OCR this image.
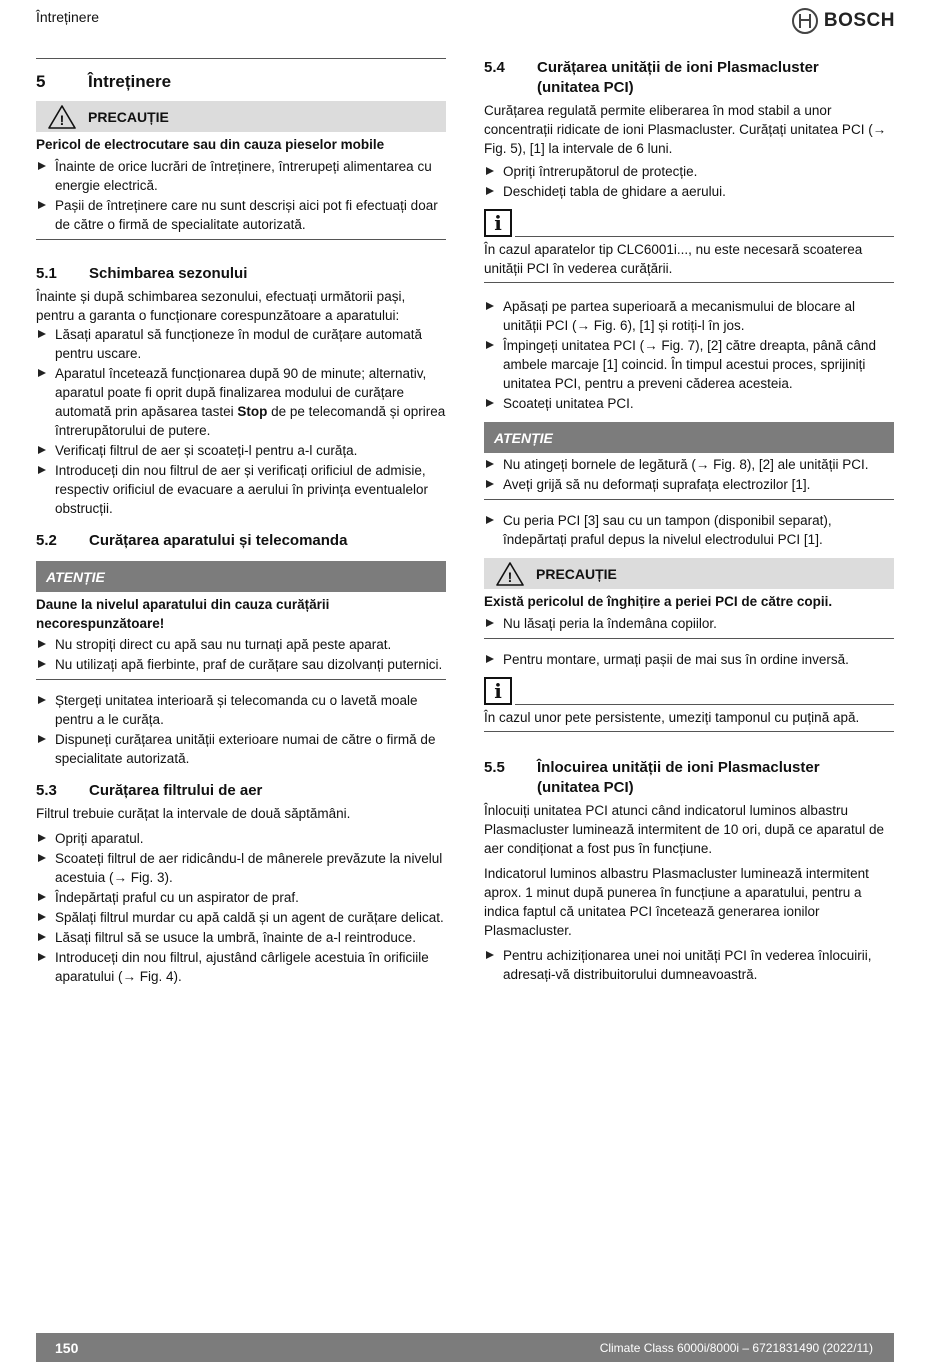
Întreținere	BOSCH
5	Întreținere
! PRECAUȚIE

Pericol de electrocutare sau din cauza pieselor mobile

Înainte de orice lucrări de întreținere, întrerupeți alimentarea cu energie electrică.
Pașii de întreținere care nu sunt descriși aici pot fi efectuați doar de către o firmă de specialitate autorizată.
5.1	Schimbarea sezonului

Înainte și după schimbarea sezonului, efectuați următorii pași, pentru a garanta o funcționare corespunzătoare a aparatului:

Lăsați aparatul să funcționeze în modul de curățare automată pentru uscare.
Aparatul încetează funcționarea după 90 de minute; alternativ, aparatul poate fi oprit după finalizarea modului de curățare automată prin apăsarea tastei Stop de pe telecomandă și oprirea întrerupătorului de putere.
Verificați filtrul de aer și scoateți-l pentru a-l curăța.
Introduceți din nou filtrul de aer și verificați orificiul de admisie, respectiv orificiul de evacuare a aerului în privința eventualelor obstrucții.
5.2	Curățarea aparatului și telecomanda
ATENȚIE

Daune la nivelul aparatului din cauza curățării necorespunzătoare!

Nu stropiți direct cu apă sau nu turnați apă peste aparat.
Nu utilizați apă fierbinte, praf de curățare sau dizolvanți puternici.
Ștergeți unitatea interioară și telecomanda cu o lavetă moale pentru a le curăța.
Dispuneți curățarea unității exterioare numai de către o firmă de specialitate autorizată.
5.3	Curățarea filtrului de aer

Filtrul trebuie curățat la intervale de două săptămâni.

Opriți aparatul.
Scoateți filtrul de aer ridicându-l de mânerele prevăzute la nivelul acestuia (→ Fig. 3).
Îndepărtați praful cu un aspirator de praf.
Spălați filtrul murdar cu apă caldă și un agent de curățare delicat.
Lăsați filtrul să se usuce la umbră, înainte de a-l reintroduce.
Introduceți din nou filtrul, ajustând cârligele acestuia în orificiile aparatului (→ Fig. 4).
5.4	Curățarea unității de ioni Plasmacluster
(unitatea PCI)

Curățarea regulată permite eliberarea în mod stabil a unor concentrații ridicate de ioni Plasmacluster. Curățați unitatea PCI (→ Fig. 5), [1] la intervale de 6 luni.

Opriți întrerupătorul de protecție.
Deschideți tabla de ghidare a aerului.
i

În cazul aparatelor tip CLC6001i..., nu este necesară scoaterea unității PCI în vederea curățării.

Apăsați pe partea superioară a mecanismului de blocare al unității PCI (→ Fig. 6), [1] și rotiți-l în jos.
Împingeți unitatea PCI (→ Fig. 7), [2] către dreapta, până când ambele marcaje [1] coincid. În timpul acestui proces, sprijiniți unitatea PCI, pentru a preveni căderea acesteia.
Scoateți unitatea PCI.
ATENȚIE
Nu atingeți bornele de legătură (→ Fig. 8), [2] ale unității PCI.
Aveți grijă să nu deformați suprafața electrozilor [1].
Cu peria PCI [3] sau cu un tampon (disponibil separat), îndepărtați praful depus la nivelul electrodului PCI [1].
! PRECAUȚIE

Există pericolul de înghițire a periei PCI de către copii.

Nu lăsați peria la îndemâna copiilor.
Pentru montare, urmați pașii de mai sus în ordine inversă.
i

În cazul unor pete persistente, umeziți tamponul cu puțină apă.

5.5	Înlocuirea unității de ioni Plasmacluster
(unitatea PCI)

Înlocuiți unitatea PCI atunci când indicatorul luminos albastru Plasmacluster luminează intermitent de 10 ori, după ce aparatul de aer condiționat a fost pus în funcțiune.

Indicatorul luminos albastru Plasmacluster luminează intermitent aprox. 1 minut după punerea în funcțiune a aparatului, pentru a indica faptul că unitatea PCI încetează generarea ionilor Plasmacluster.

Pentru achiziționarea unei noi unități PCI în vederea înlocuirii, adresați-vă distribuitorului dumneavoastră.
150	Climate Class 6000i/8000i – 6721831490 (2022/11)
